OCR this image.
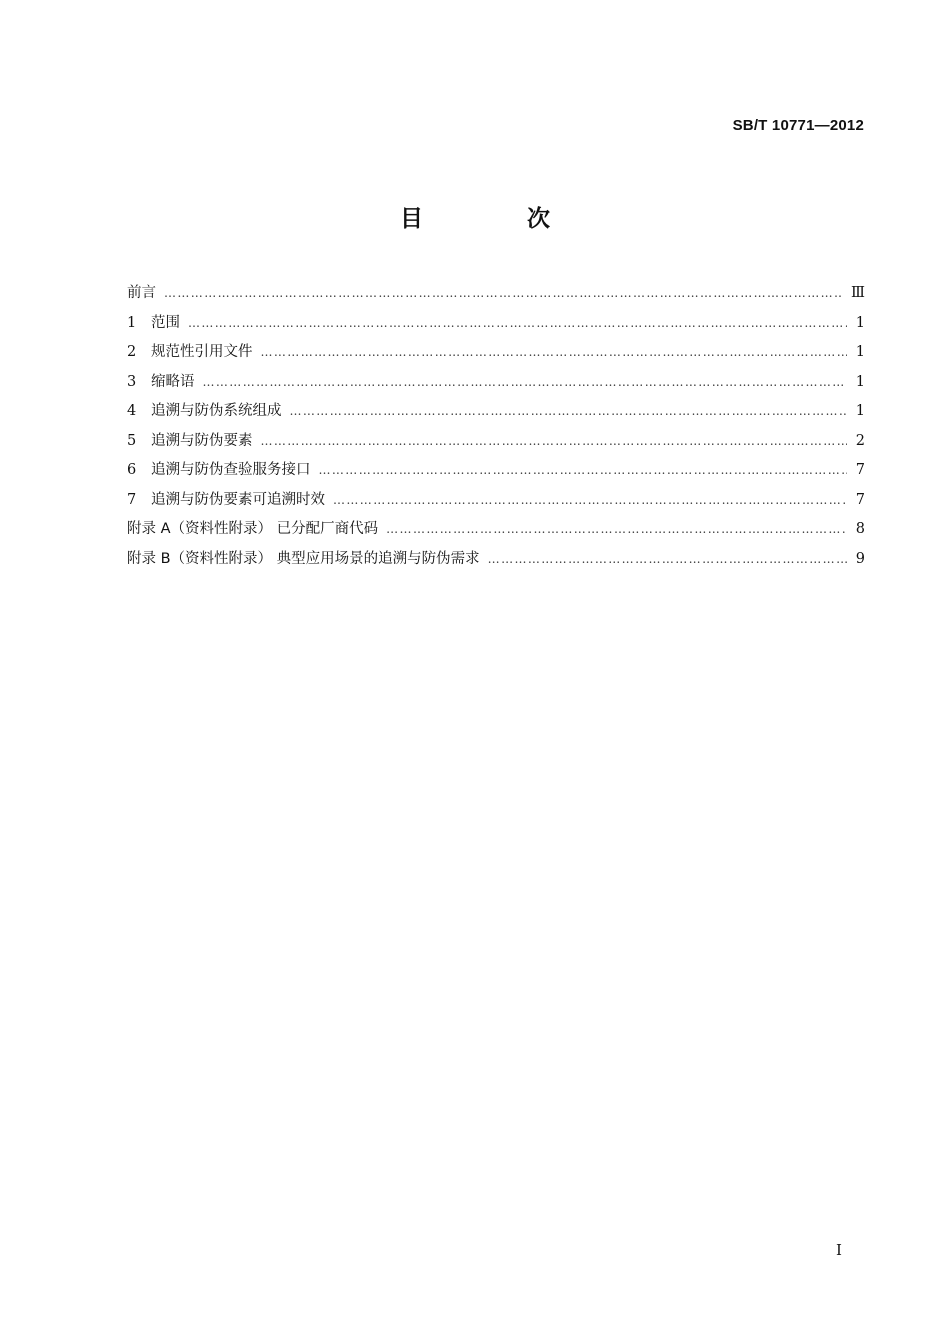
SB/T 10771—2012
目 次
前言 …………………………………………………………………………………………………………………………………………………………………………………………………………	Ⅲ
1	范围 …………………………………………………………………………………………………………………………………………………………………………………………………………	1
2	规范性引用文件 …………………………………………………………………………………………………………………………………………………………………………………………………………	1
3	缩略语 …………………………………………………………………………………………………………………………………………………………………………………………………………	1
4	追溯与防伪系统组成 …………………………………………………………………………………………………………………………………………………………………………………………………………	1
5	追溯与防伪要素 …………………………………………………………………………………………………………………………………………………………………………………………………………	2
6	追溯与防伪查验服务接口 …………………………………………………………………………………………………………………………………………………………………………………………………………	7
7	追溯与防伪要素可追溯时效 …………………………………………………………………………………………………………………………………………………………………………………………………………	7
附录 A（资料性附录） 已分配厂商代码 …………………………………………………………………………………………………………………………………………………………………………………………………………	8
附录 B（资料性附录） 典型应用场景的追溯与防伪需求 …………………………………………………………………………………………………………………………………………………………………………………………………………	9
I
